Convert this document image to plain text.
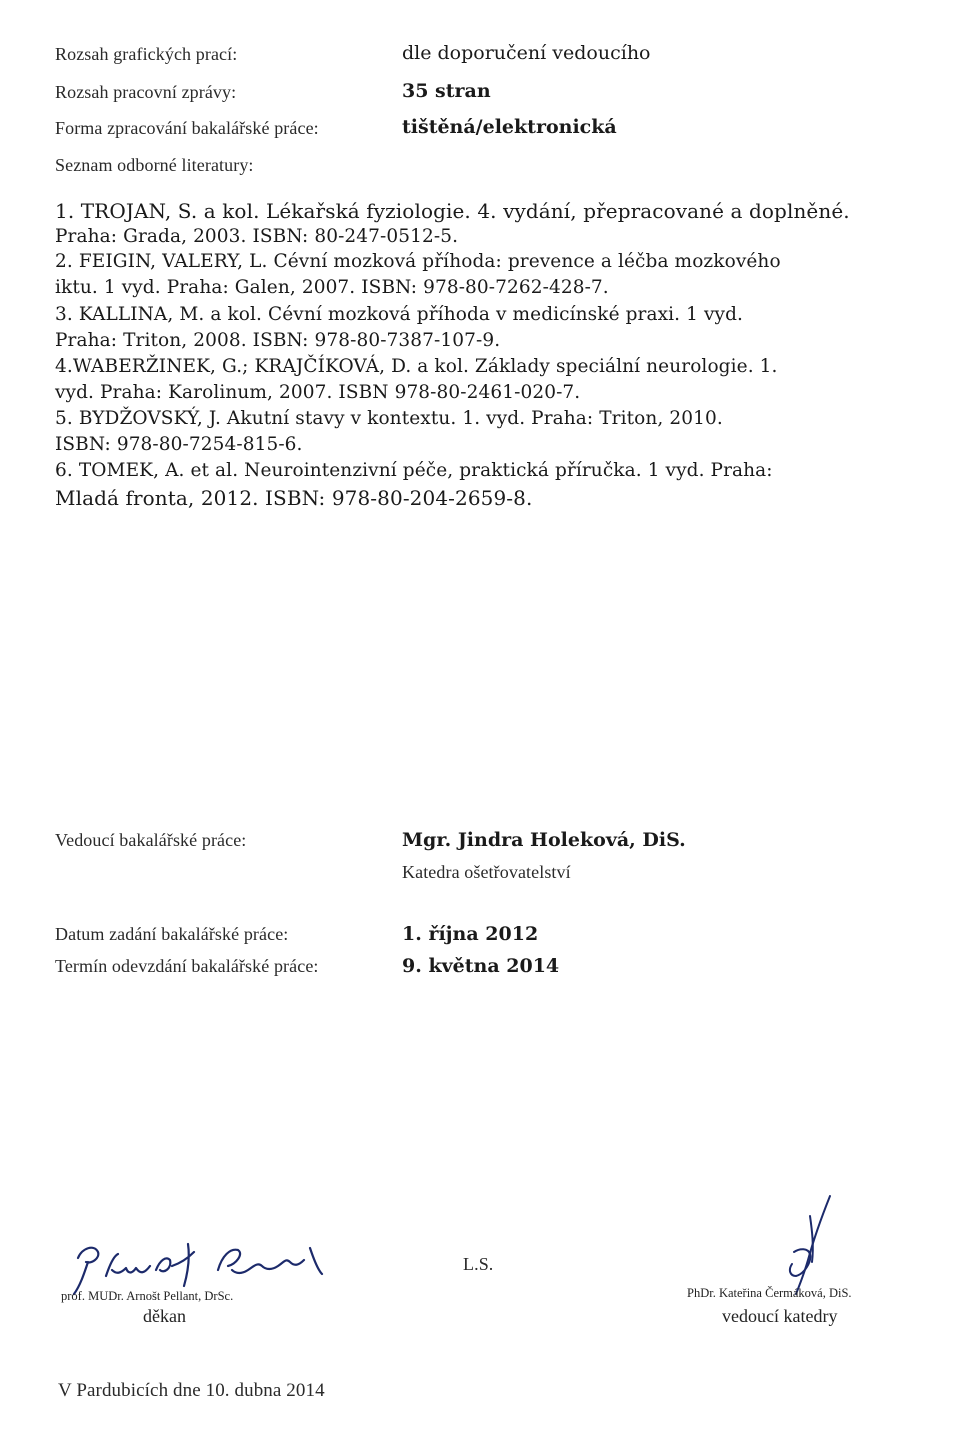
Rozsah grafických prací:	dle doporučení vedoucího
Rozsah pracovní zprávy:	35 stran
Forma zpracování bakalářské práce:	tištěná/elektronická
Seznam odborné literatury:
1. TROJAN, S. a kol. Lékařská fyziologie. 4. vydání, přepracované a doplněné.
Praha: Grada, 2003. ISBN: 80-247-0512-5.
2. FEIGIN, VALERY, L. Cévní mozková příhoda: prevence a léčba mozkového
iktu. 1 vyd. Praha: Galen, 2007. ISBN: 978-80-7262-428-7.
3. KALLINA, M. a kol. Cévní mozková příhoda v medicínské praxi. 1 vyd.
Praha: Triton, 2008. ISBN: 978-80-7387-107-9.
4.WABERŽINEK, G.; KRAJČÍKOVÁ, D. a kol. Základy speciální neurologie. 1.
vyd. Praha: Karolinum, 2007. ISBN 978-80-2461-020-7.
5. BYDŽOVSKÝ, J. Akutní stavy v kontextu. 1. vyd. Praha: Triton, 2010.
ISBN: 978-80-7254-815-6.
6. TOMEK, A. et al. Neurointenzivní péče, praktická příručka. 1 vyd. Praha:
Mladá fronta, 2012. ISBN: 978-80-204-2659-8.
Vedoucí bakalářské práce:	Mgr. Jindra Holeková, DiS.
Katedra ošetřovatelství
Datum zadání bakalářské práce:	1. října 2012
Termín odevzdání bakalářské práce:	9. května 2014
prof. MUDr. Arnošt Pellant, DrSc.
děkan
L.S.
PhDr. Kateřina Čermáková, DiS.
vedoucí katedry
V Pardubicích dne 10. dubna 2014
